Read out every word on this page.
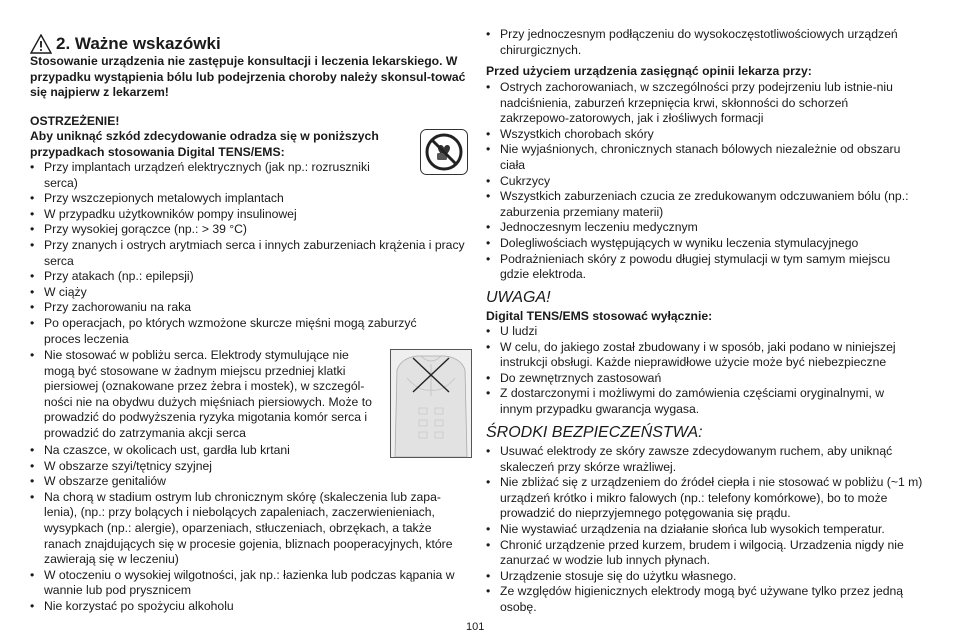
2. Ważne wskazówki
Stosowanie urządzenia nie zastępuje konsultacji i leczenia lekarskiego. W przypadku wystąpienia bólu lub podejrzenia choroby należy skonsul-tować się najpierw z lekarzem!
OSTRZEŻENIE!
Aby uniknąć szkód zdecydowanie odradza się w poniższych przypadkach stosowania Digital TENS/EMS:
• Przy implantach urządzeń elektrycznych (jak np.: rozruszniki serca)
• Przy wszczepionych metalowych implantach
• W przypadku użytkowników pompy insulinowej
• Przy wysokiej gorączce (np.: > 39 °C)
• Przy znanych i ostrych arytmiach serca i innych zaburzeniach krążenia i pracy serca
• Przy atakach (np.: epilepsji)
• W ciąży
• Przy zachorowaniu na raka
• Po operacjach, po których wzmożone skurcze mięśni mogą zaburzyć proces leczenia
• Nie stosować w pobliżu serca. Elektrody stymulujące nie mogą być stosowane w żadnym miejscu przedniej klatki piersiowej (oznakowane przez żebra i mostek), w szczegól-ności nie na obydwu dużych mięśniach piersiowych. Może to prowadzić do podwyższenia ryzyka migotania komór serca i prowadzić do zatrzymania akcji serca
• Na czaszce, w okolicach ust, gardła lub krtani
• W obszarze szyi/tętnicy szyjnej
• W obszarze genitaliów
• Na chorą w stadium ostrym lub chronicznym skórę (skaleczenia lub zapa-lenia), (np.: przy bolących i niebolących zapaleniach, zaczerwienieniach, wysypkach (np.: alergie), oparzeniach, stłuczeniach, obrzękach, a także ranach znajdujących się w procesie gojenia, bliznach pooperacyjnych, które zawierają się w leczeniu)
• W otoczeniu o wysokiej wilgotności, jak np.: łazienka lub podczas kąpania w wannie lub pod prysznicem
• Nie korzystać po spożyciu alkoholu
• Przy jednoczesnym podłączeniu do wysokoczęstotliwościowych urządzeń chirurgicznych.
Przed użyciem urządzenia zasięgnąć opinii lekarza przy:
• Ostrych zachorowaniach, w szczególności przy podejrzeniu lub istnie-niu nadciśnienia, zaburzeń krzepnięcia krwi, skłonności do schorzeń zakrzepowo-zatorowych, jak i złośliwych formacji
• Wszystkich chorobach skóry
• Nie wyjaśnionych, chronicznych stanach bólowych niezależnie od obszaru ciała
• Cukrzycy
• Wszystkich zaburzeniach czucia ze zredukowanym odczuwaniem bólu (np.: zaburzenia przemiany materii)
• Jednoczesnym leczeniu medycznym
• Dolegliwościach występujących w wyniku leczenia stymulacyjnego
• Podrażnieniach skóry z powodu długiej stymulacji w tym samym miejscu gdzie elektroda.
UWAGA!
Digital TENS/EMS stosować wyłącznie:
• U ludzi
• W celu, do jakiego został zbudowany i w sposób, jaki podano w niniejszej instrukcji obsługi. Każde nieprawidłowe użycie może być niebezpieczne
• Do zewnętrznych zastosowań
• Z dostarczonymi i możliwymi do zamówienia częściami oryginalnymi, w innym przypadku gwarancja wygasa.
ŚRODKI BEZPIECZEŃSTWA:
• Usuwać elektrody ze skóry zawsze zdecydowanym ruchem, aby uniknąć skaleczeń przy skórze wrażliwej.
• Nie zbliżać się z urządzeniem do źródeł ciepła i nie stosować w pobliżu (~1 m) urządzeń krótko i mikro falowych (np.: telefony komórkowe), bo to może prowadzić do nieprzyjemnego potęgowania się prądu.
• Nie wystawiać urządzenia na działanie słońca lub wysokich temperatur.
• Chronić urządzenie przed kurzem, brudem i wilgocią. Urzadzenia nigdy nie zanurzać w wodzie lub innych płynach.
• Urządzenie stosuje się do użytku własnego.
• Ze względów higienicznych elektrody mogą być używane tylko przez jedną osobę.
101
